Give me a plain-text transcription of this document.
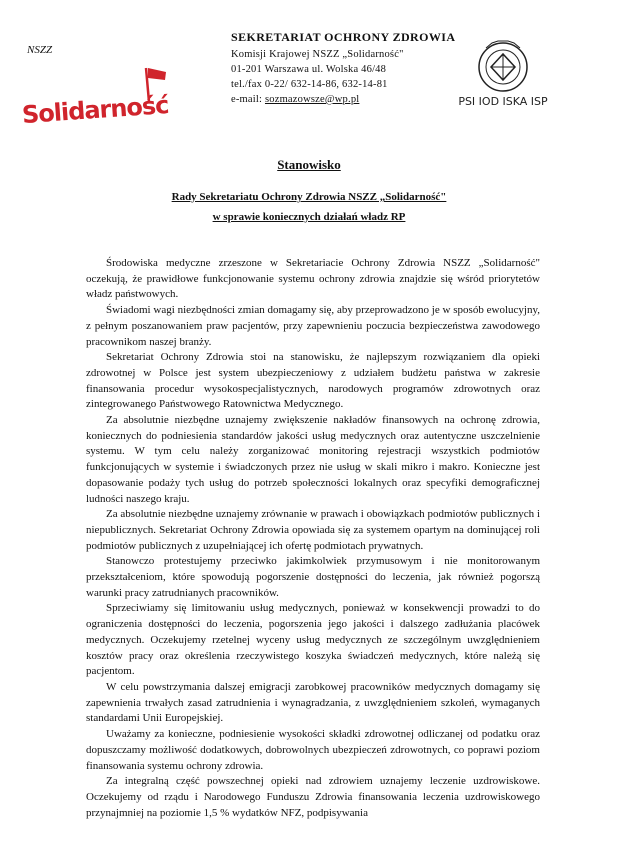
NSZZ
Solidarność
SEKRETARIAT OCHRONY ZDROWIA
Komisji Krajowej NSZZ „Solidarność"
01-201 Warszawa ul. Wolska 46/48
tel./fax 0-22/ 632-14-86, 632-14-81
e-mail: sozmazowsze@wp.pl	PSI IOD ISKA ISP
Stanowisko
Rady Sekretariatu Ochrony Zdrowia NSZZ „Solidarność"
w sprawie koniecznych działań władz RP

Środowiska medyczne zrzeszone w Sekretariacie Ochrony Zdrowia NSZZ „Solidarność" oczekują, że prawidłowe funkcjonowanie systemu ochrony zdrowia znajdzie się wśród priorytetów władz państwowych.

Świadomi wagi niezbędności zmian domagamy się, aby przeprowadzono je w sposób ewolucyjny, z pełnym poszanowaniem praw pacjentów, przy zapewnieniu poczucia bezpieczeństwa zawodowego pracownikom naszej branży.

Sekretariat Ochrony Zdrowia stoi na stanowisku, że najlepszym rozwiązaniem dla opieki zdrowotnej w Polsce jest system ubezpieczeniowy z udziałem budżetu państwa w zakresie finansowania procedur wysokospecjalistycznych, narodowych programów zdrowotnych oraz zintegrowanego Państwowego Ratownictwa Medycznego.

Za absolutnie niezbędne uznajemy zwiększenie nakładów finansowych na ochronę zdrowia, koniecznych do podniesienia standardów jakości usług medycznych oraz autentyczne uszczelnienie systemu. W tym celu należy zorganizować monitoring rejestracji wszystkich podmiotów funkcjonujących w systemie i świadczonych przez nie usług w skali mikro i makro. Konieczne jest dopasowanie podaży tych usług do potrzeb społeczności lokalnych oraz specyfiki demograficznej ludności naszego kraju.

Za absolutnie niezbędne uznajemy zrównanie w prawach i obowiązkach podmiotów publicznych i niepublicznych. Sekretariat Ochrony Zdrowia opowiada się za systemem opartym na dominującej roli podmiotów publicznych z uzupełniającej ich ofertę podmiotach prywatnych.

Stanowczo protestujemy przeciwko jakimkolwiek przymusowym i nie monitorowanym przekształceniom, które spowodują pogorszenie dostępności do leczenia, jak również pogorszą warunki pracy zatrudnianych pracowników.

Sprzeciwiamy się limitowaniu usług medycznych, ponieważ w konsekwencji prowadzi to do ograniczenia dostępności do leczenia, pogorszenia jego jakości i dalszego zadłużania placówek medycznych. Oczekujemy rzetelnej wyceny usług medycznych ze szczególnym uwzględnieniem kosztów pracy oraz określenia rzeczywistego koszyka świadczeń medycznych, które należą się pacjentom.

W celu powstrzymania dalszej emigracji zarobkowej pracowników medycznych domagamy się zapewnienia trwałych zasad zatrudnienia i wynagradzania, z uwzględnieniem szkoleń, wymaganych standardami Unii Europejskiej.

Uważamy za konieczne, podniesienie wysokości składki zdrowotnej odliczanej od podatku oraz dopuszczamy możliwość dodatkowych, dobrowolnych ubezpieczeń zdrowotnych, co poprawi poziom finansowania systemu ochrony zdrowia.

Za integralną część powszechnej opieki nad zdrowiem uznajemy leczenie uzdrowiskowe. Oczekujemy od rządu i Narodowego Funduszu Zdrowia finansowania leczenia uzdrowiskowego przynajmniej na poziomie 1,5 % wydatków NFZ, podpisywania
